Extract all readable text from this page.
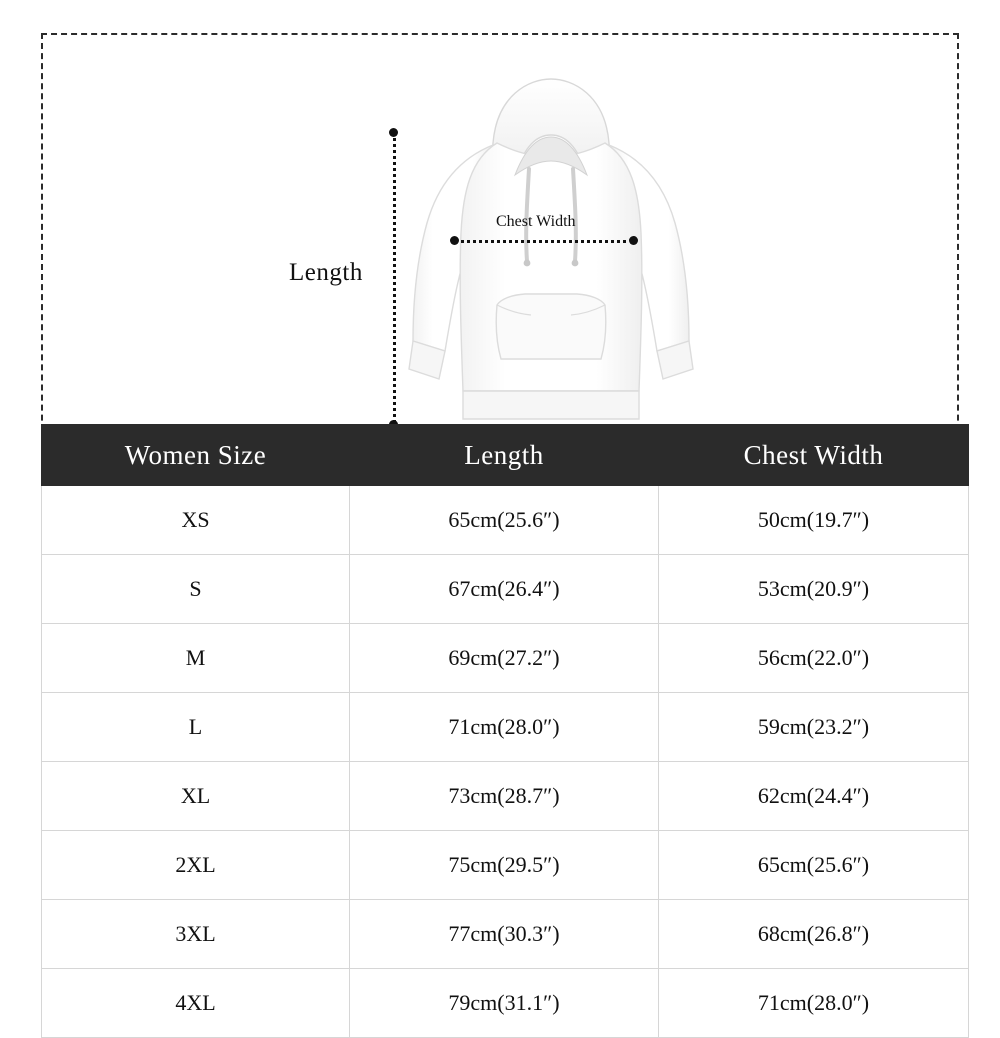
Length
Chest Width
Women Size	Length	Chest Width
XS	65cm(25.6″)	50cm(19.7″)
S	67cm(26.4″)	53cm(20.9″)
M	69cm(27.2″)	56cm(22.0″)
L	71cm(28.0″)	59cm(23.2″)
XL	73cm(28.7″)	62cm(24.4″)
2XL	75cm(29.5″)	65cm(25.6″)
3XL	77cm(30.3″)	68cm(26.8″)
4XL	79cm(31.1″)	71cm(28.0″)
